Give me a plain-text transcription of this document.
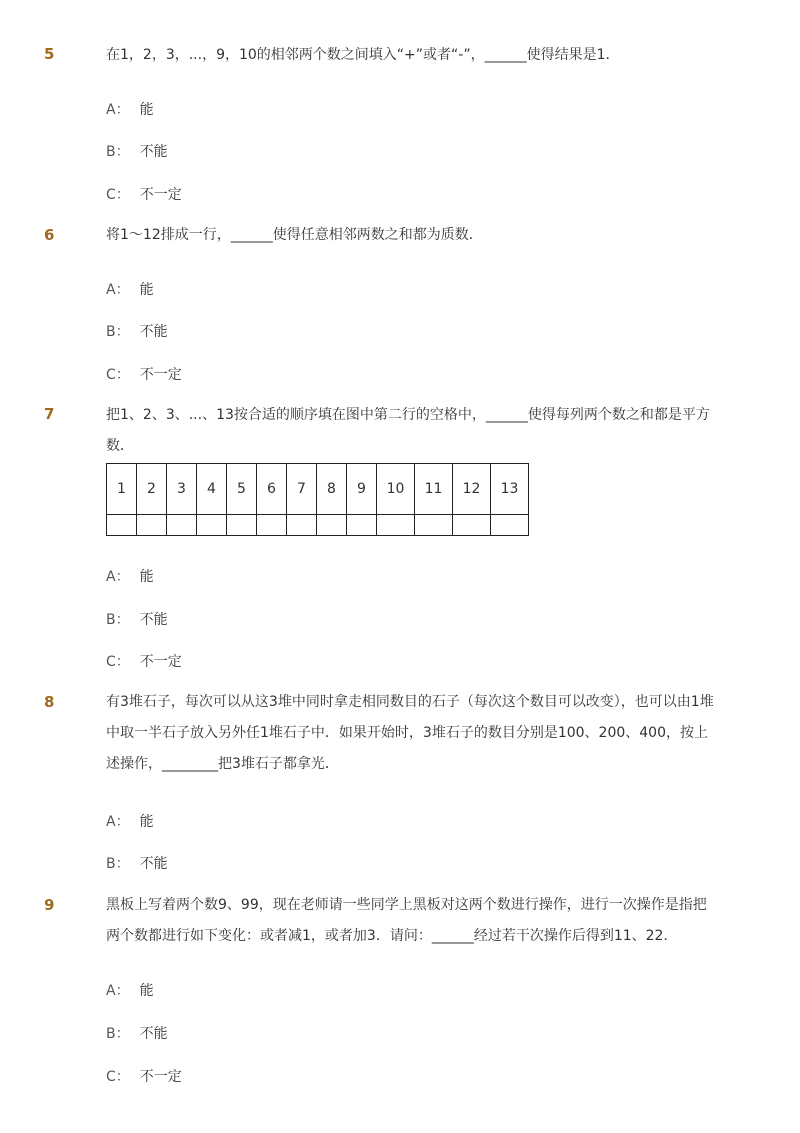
5	在1，2，3，...，9，10的相邻两个数之间填入“+”或者“-”，______使得结果是1．
A： 能
B： 不能
C： 不一定
6	将1～12排成一行，______使得任意相邻两数之和都为质数．
A： 能
B： 不能
C： 不一定
7	把1、2、3、...、13按合适的顺序填在图中第二行的空格中，______使得每列两个数之和都是平方数．
1	2	3	4	5	6	7	8	9	10	11	12	13

A： 能
B： 不能
C： 不一定
8	有3堆石子，每次可以从这3堆中同时拿走相同数目的石子（每次这个数目可以改变），也可以由1堆中取一半石子放入另外任1堆石子中．如果开始时，3堆石子的数目分别是100、200、400，按上述操作，________把3堆石子都拿光．
A： 能
B： 不能
9	黑板上写着两个数9、99，现在老师请一些同学上黑板对这两个数进行操作，进行一次操作是指把两个数都进行如下变化：或者减1，或者加3．请问：______经过若干次操作后得到11、22．
A： 能
B： 不能
C： 不一定
